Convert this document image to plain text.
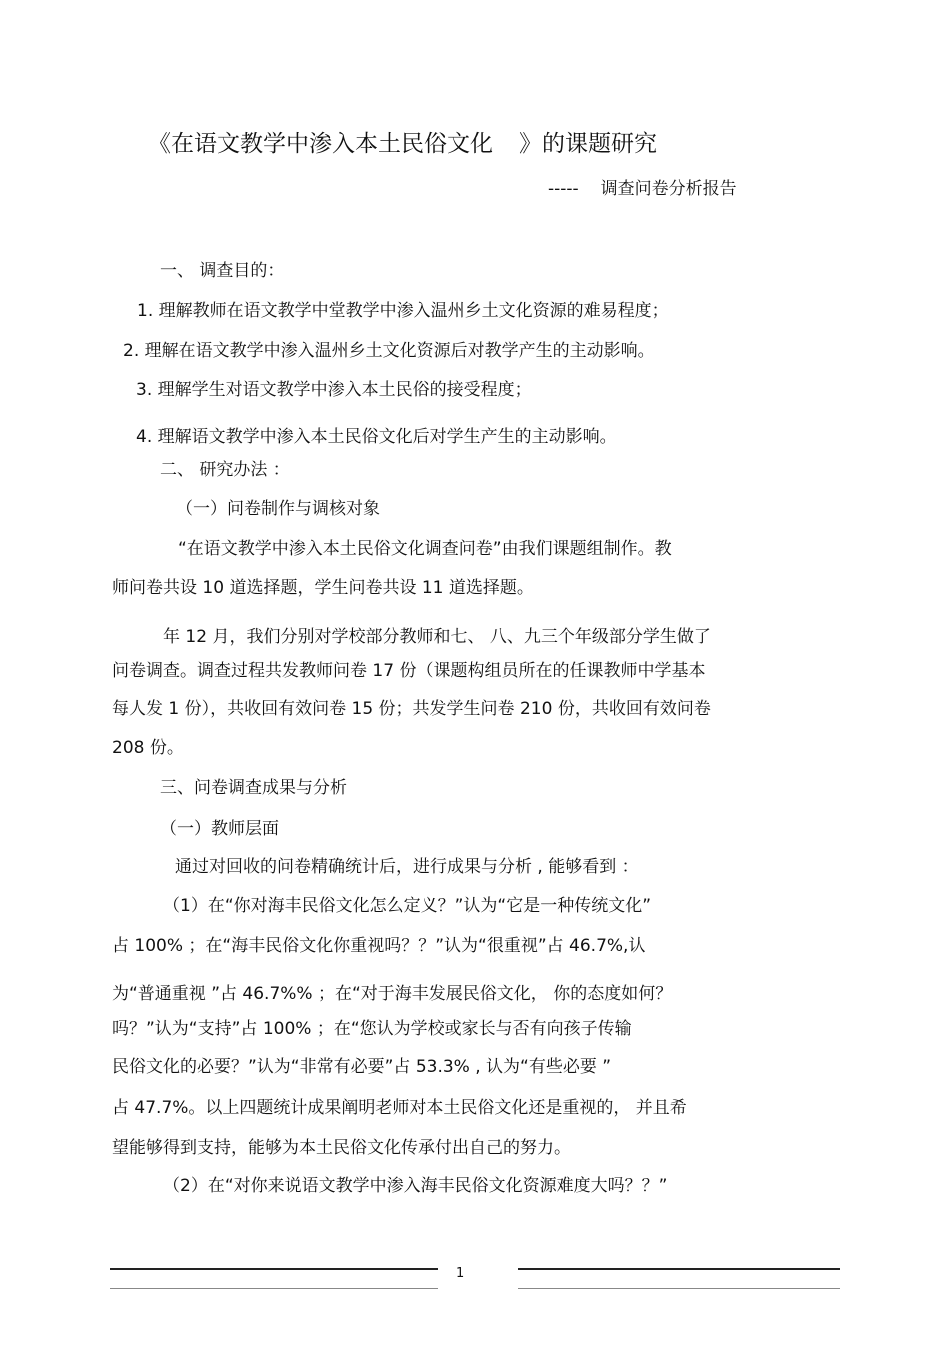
《在语文教学中渗入本土民俗文化 》的课题研究
----- 调查问卷分析报告
一、 调查目的：
1. 理解教师在语文教学中堂教学中渗入温州乡土文化资源的难易程度；
2. 理解在语文教学中渗入温州乡土文化资源后对教学产生的主动影响。
3. 理解学生对语文教学中渗入本土民俗的接受程度；
4. 理解语文教学中渗入本土民俗文化后对学生产生的主动影响。
二、 研究办法 ：
（一）问卷制作与调核对象
“在语文教学中渗入本土民俗文化调查问卷”由我们课题组制作。教
师问卷共设 10 道选择题，学生问卷共设 11 道选择题。
年 12 月，我们分别对学校部分教师和七、 八、九三个年级部分学生做了
问卷调查。调查过程共发教师问卷 17 份（课题构组员所在的任课教师中学基本
每人发 1 份），共收回有效问卷 15 份；共发学生问卷 210 份，共收回有效问卷
208 份。
三、问卷调查成果与分析
（一）教师层面
通过对回收的问卷精确统计后，进行成果与分析 , 能够看到 ：
（1）在“你对海丰民俗文化怎么定义？”认为“它是一种传统文化”
占 100% ；在“海丰民俗文化你重视吗？？”认为“很重视”占 46.7%,认
为“普通重视 ”占 46.7%% ；在“对于海丰发展民俗文化， 你的态度如何？
吗？”认为“支持”占 100% ；在“您认为学校或家长与否有向孩子传输
民俗文化的必要？”认为“非常有必要”占 53.3% , 认为“有些必要 ”
占 47.7%。以上四题统计成果阐明老师对本土民俗文化还是重视的， 并且希
望能够得到支持，能够为本土民俗文化传承付出自己的努力。
（2）在“对你来说语文教学中渗入海丰民俗文化资源难度大吗？？”
1
